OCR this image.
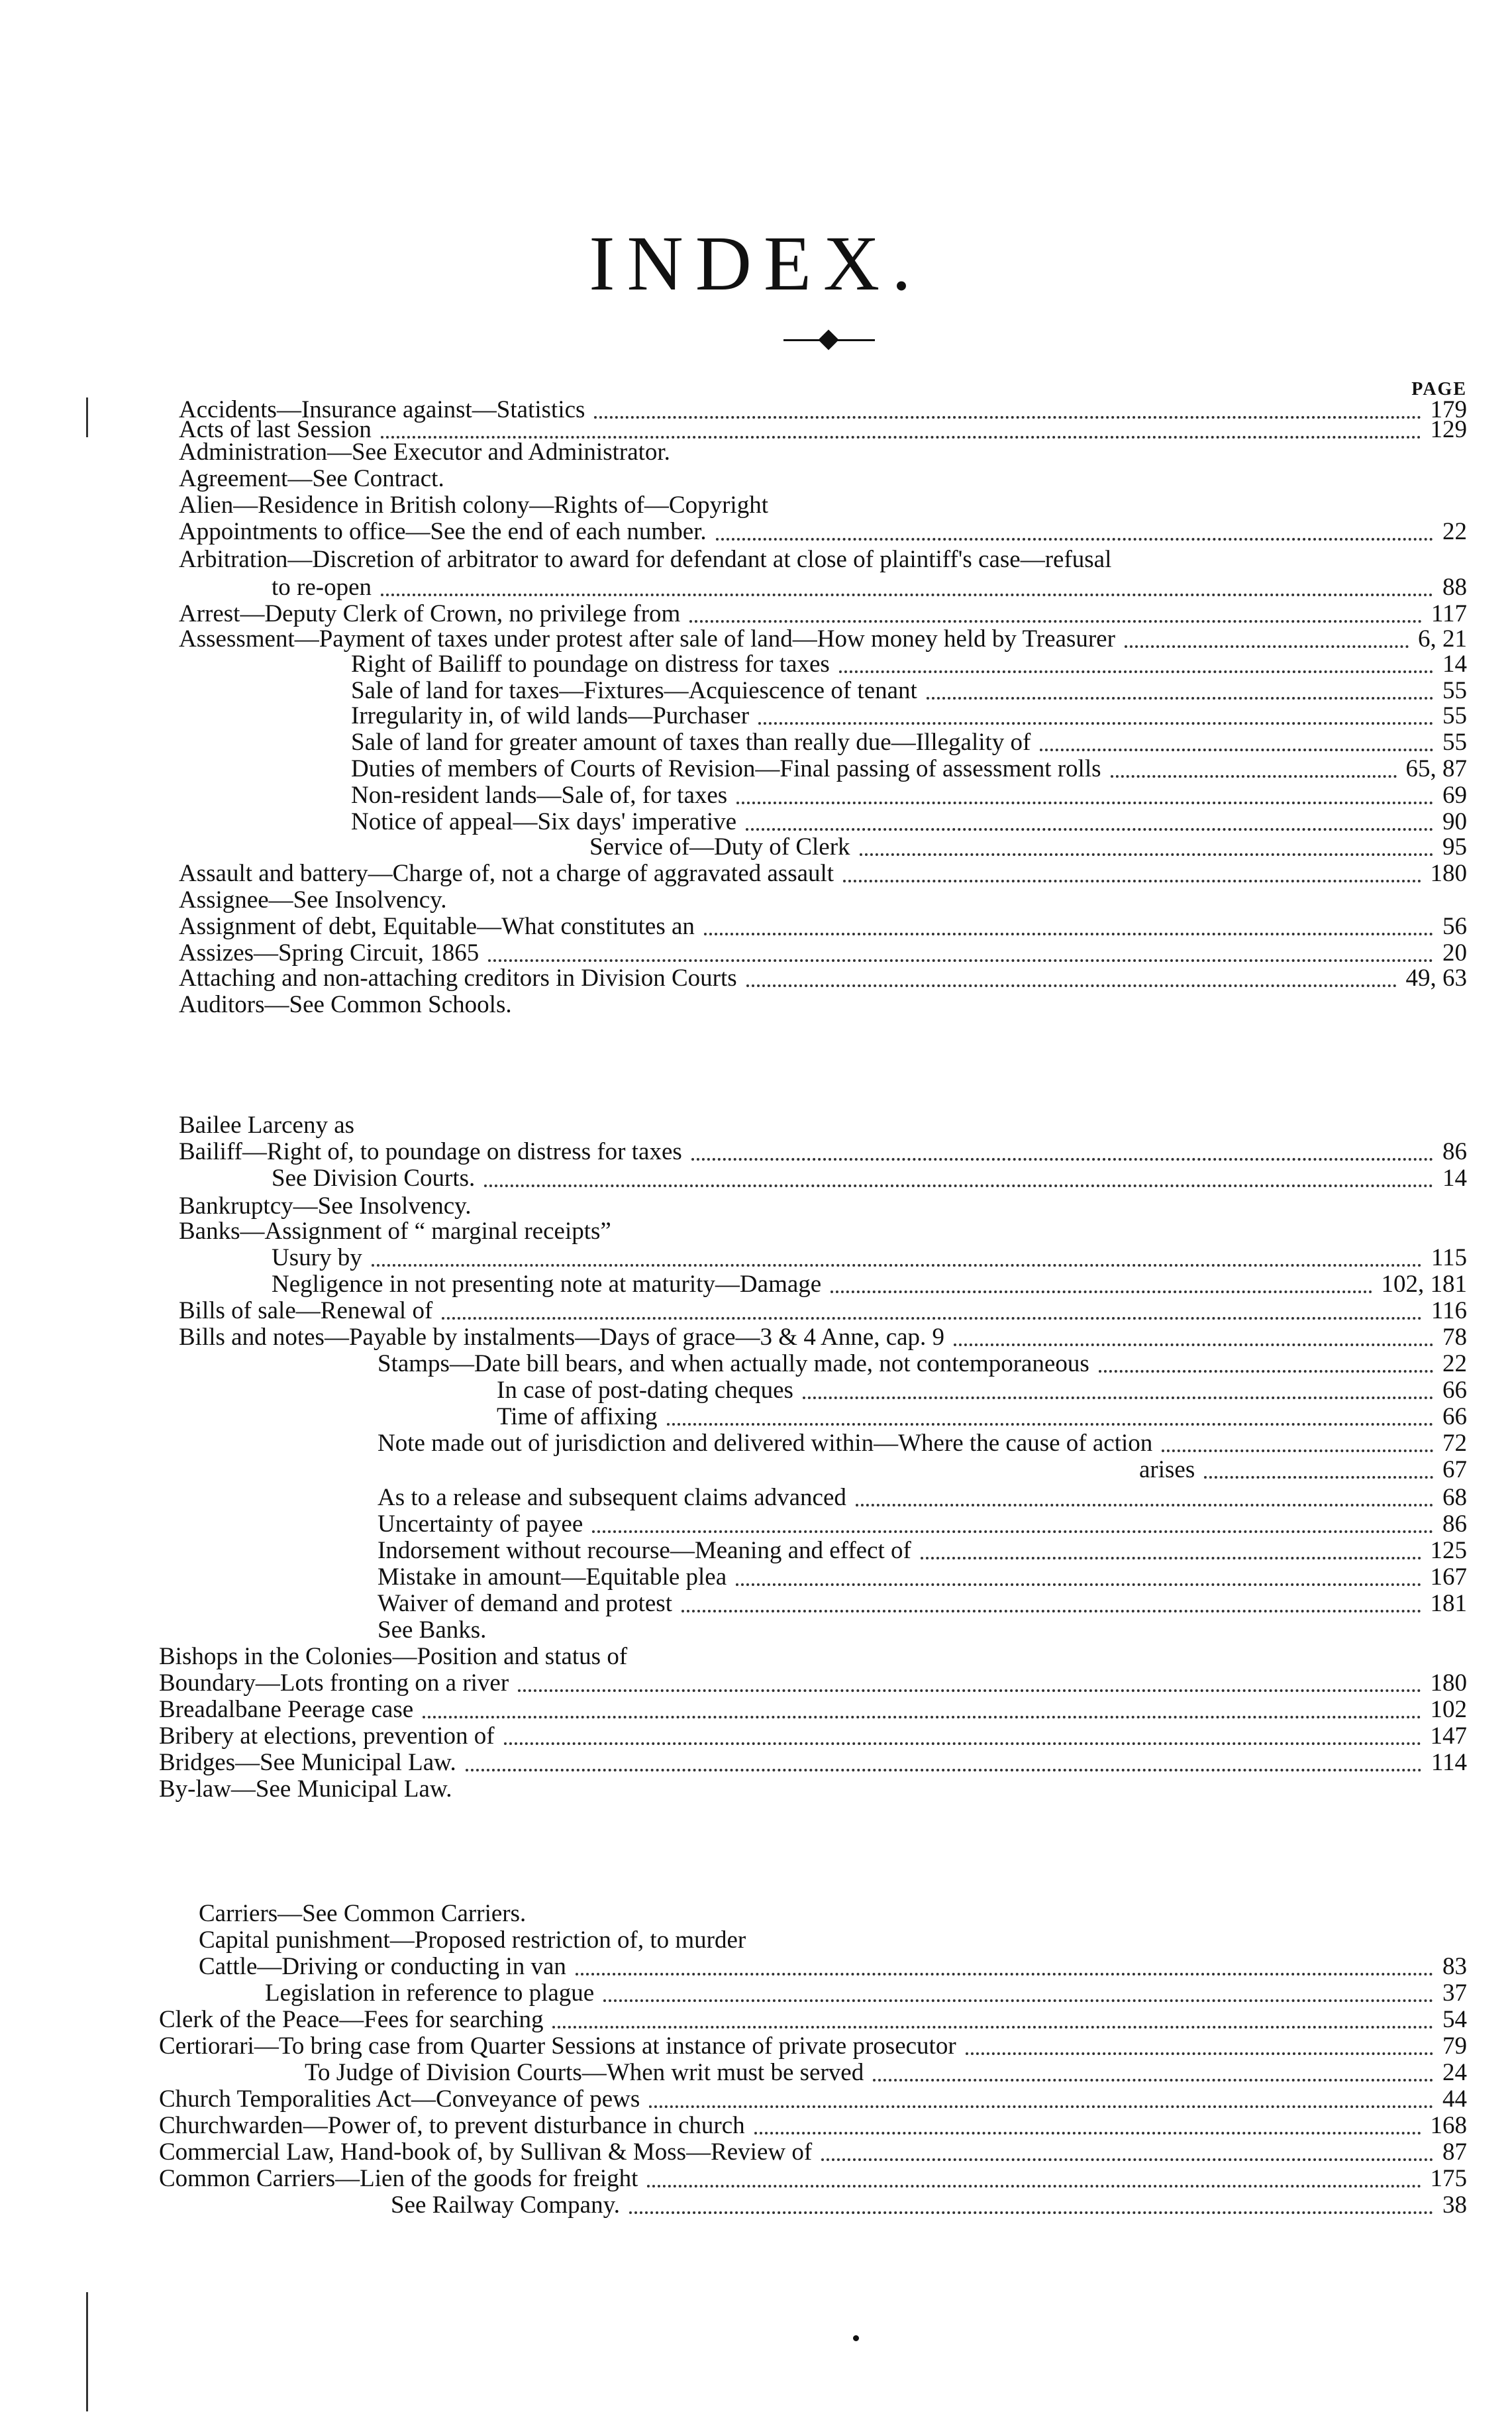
INDEX.
PAGE
Accidents—Insurance against—Statistics	179
Acts of last Session	129
Administration—See Executor and Administrator.
Agreement—See Contract.
Alien—Residence in British colony—Rights of—Copyright
Appointments to office—See the end of each number.	22
Arbitration—Discretion of arbitrator to award for defendant at close of plaintiff's case—refusal
to re-open	88
Arrest—Deputy Clerk of Crown, no privilege from	117
Assessment—Payment of taxes under protest after sale of land—How money held by Treasurer	6, 21
Right of Bailiff to poundage on distress for taxes	14
Sale of land for taxes—Fixtures—Acquiescence of tenant	55
Irregularity in, of wild lands—Purchaser	55
Sale of land for greater amount of taxes than really due—Illegality of	55
Duties of members of Courts of Revision—Final passing of assessment rolls	65, 87
Non-resident lands—Sale of, for taxes	69
Notice of appeal—Six days' imperative	90
Service of—Duty of Clerk	95
Assault and battery—Charge of, not a charge of aggravated assault	180
Assignee—See Insolvency.
Assignment of debt, Equitable—What constitutes an	56
Assizes—Spring Circuit, 1865	20
Attaching and non-attaching creditors in Division Courts	49, 63
Auditors—See Common Schools.
Bailee Larceny as
Bailiff—Right of, to poundage on distress for taxes	86
See Division Courts.	14
Bankruptcy—See Insolvency.
Banks—Assignment of “ marginal receipts”
Usury by	115
Negligence in not presenting note at maturity—Damage	102, 181
Bills of sale—Renewal of	116
Bills and notes—Payable by instalments—Days of grace—3 & 4 Anne, cap. 9	78
Stamps—Date bill bears, and when actually made, not contemporaneous	22
In case of post-dating cheques	66
Time of affixing	66
Note made out of jurisdiction and delivered within—Where the cause of action	72
arises	67
As to a release and subsequent claims advanced	68
Uncertainty of payee	86
Indorsement without recourse—Meaning and effect of	125
Mistake in amount—Equitable plea	167
Waiver of demand and protest	181
See Banks.
Bishops in the Colonies—Position and status of
Boundary—Lots fronting on a river	180
Breadalbane Peerage case	102
Bribery at elections, prevention of	147
Bridges—See Municipal Law.	114
By-law—See Municipal Law.
Carriers—See Common Carriers.
Capital punishment—Proposed restriction of, to murder
Cattle—Driving or conducting in van	83
Legislation in reference to plague	37
Clerk of the Peace—Fees for searching	54
Certiorari—To bring case from Quarter Sessions at instance of private prosecutor	79
To Judge of Division Courts—When writ must be served	24
Church Temporalities Act—Conveyance of pews	44
Churchwarden—Power of, to prevent disturbance in church	168
Commercial Law, Hand-book of, by Sullivan & Moss—Review of	87
Common Carriers—Lien of the goods for freight	175
See Railway Company.	38
